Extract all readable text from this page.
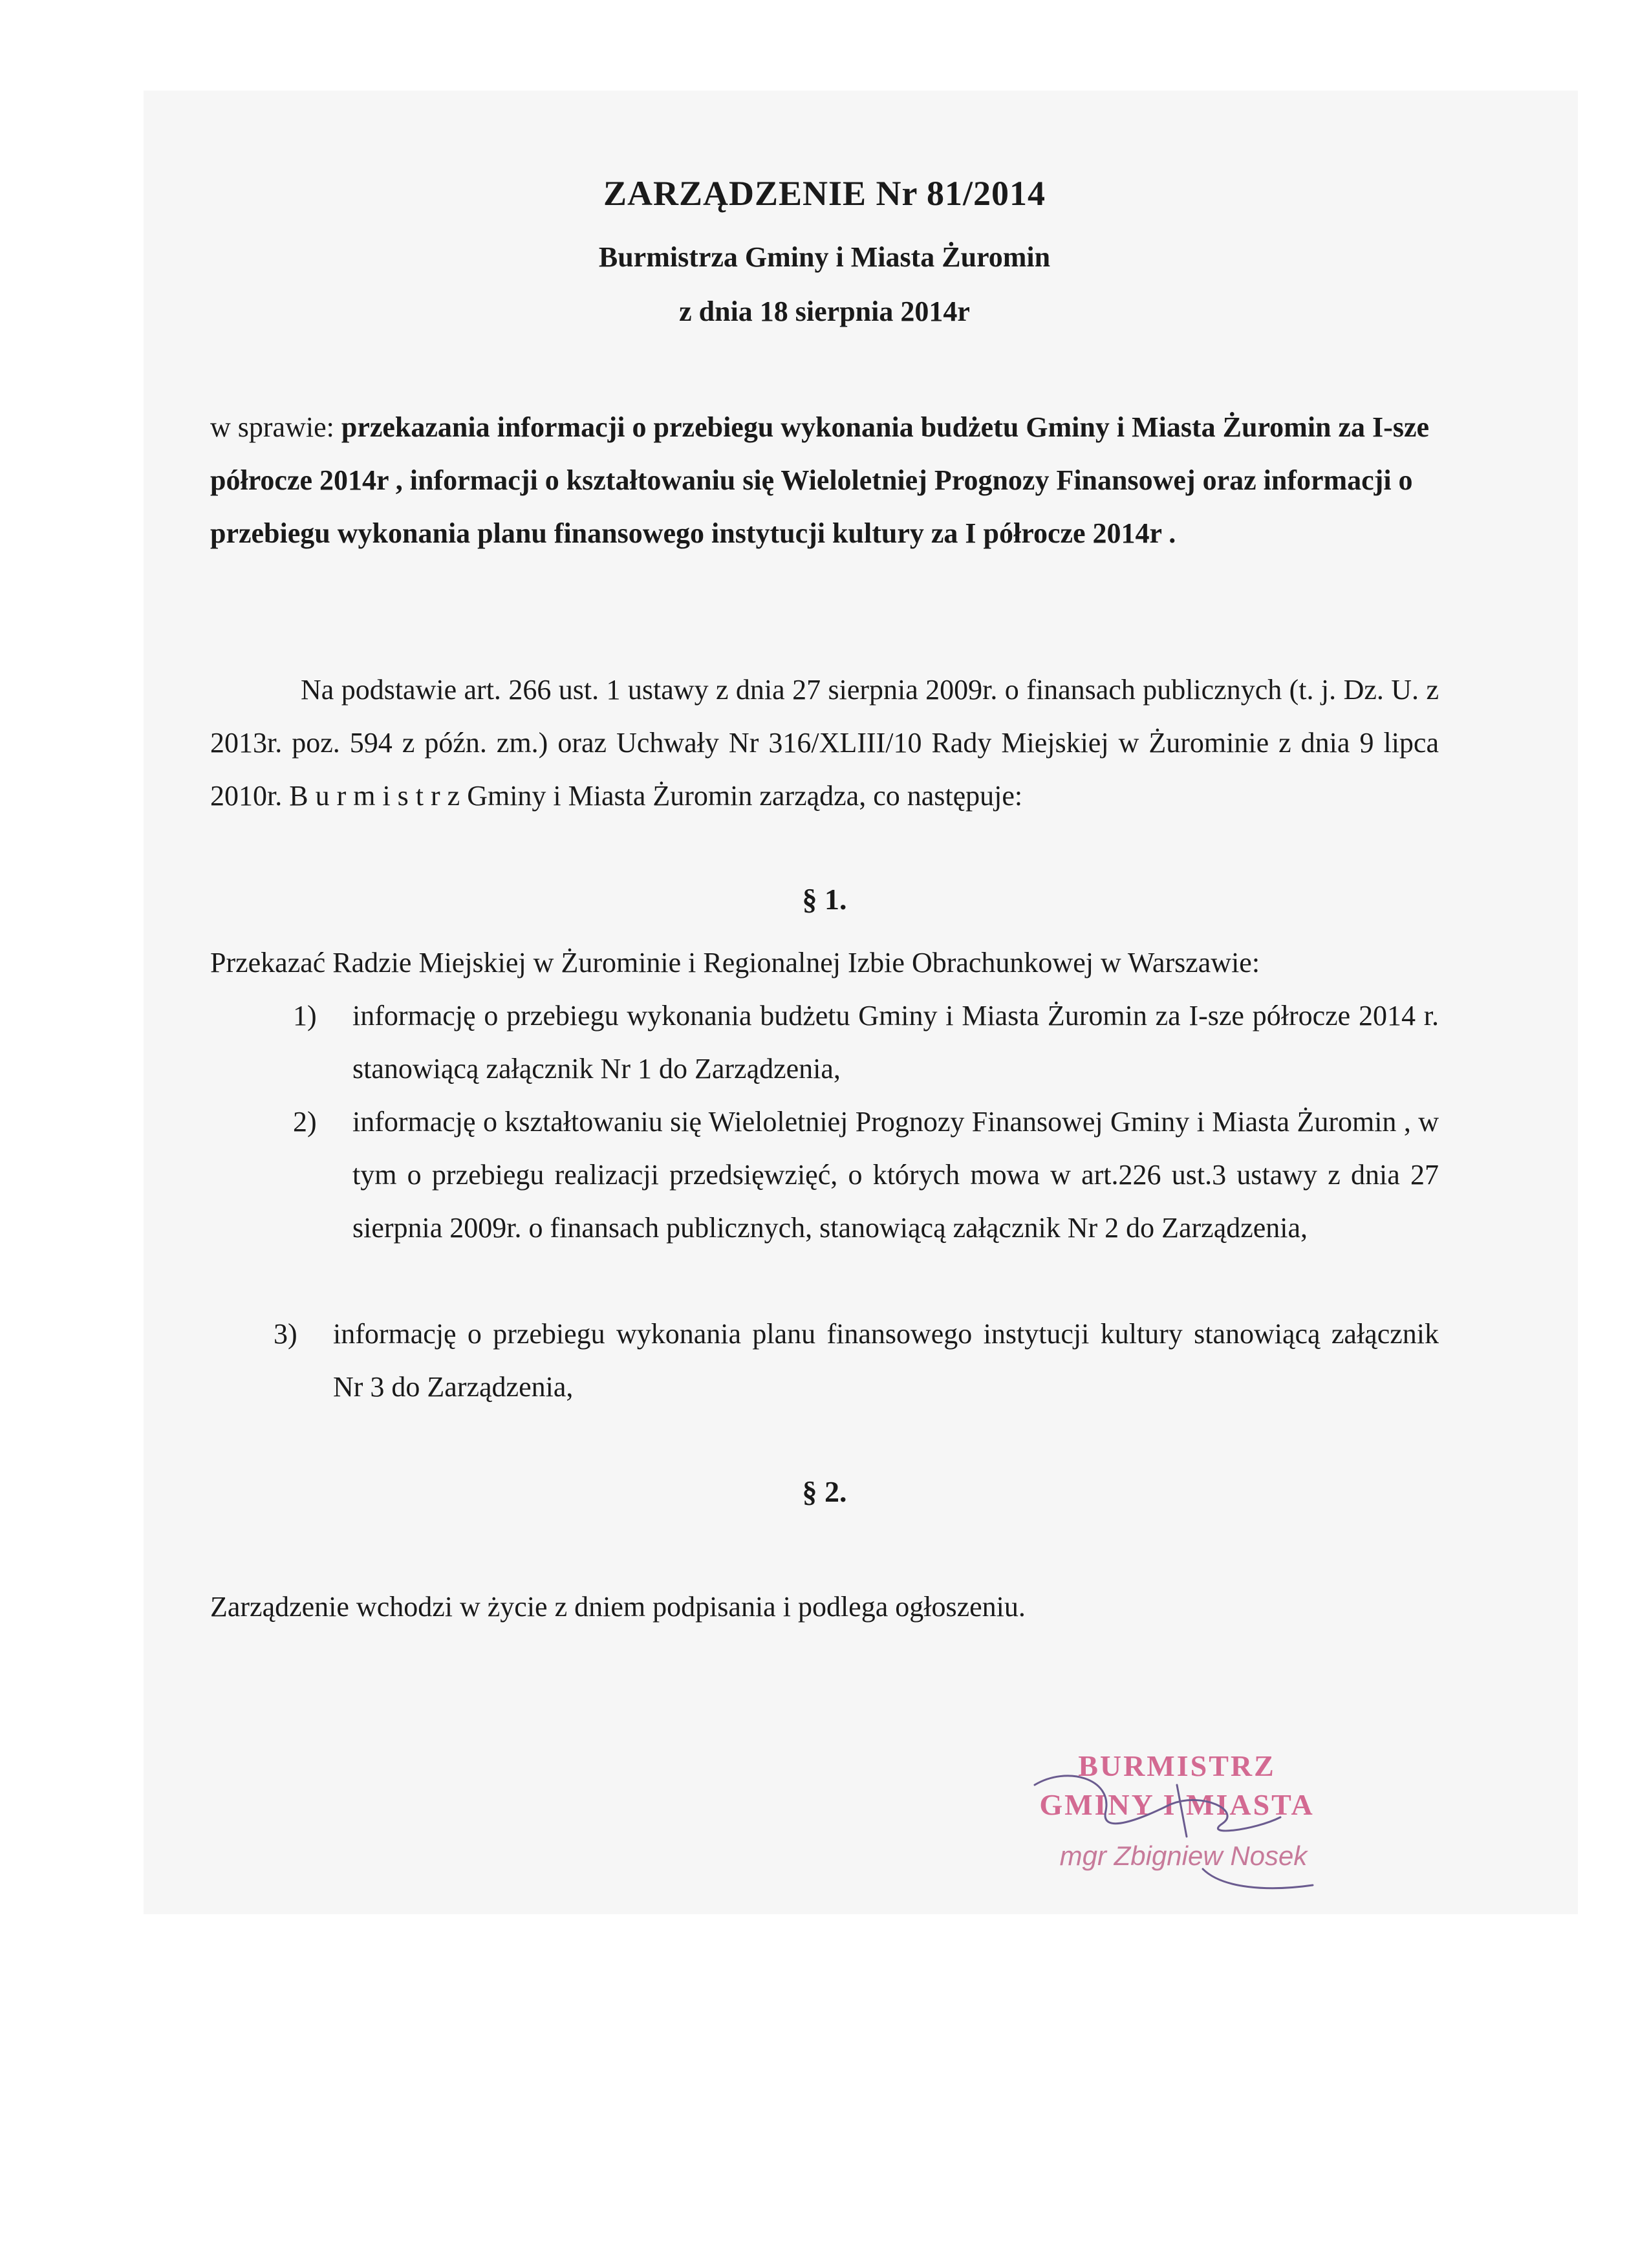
ZARZĄDZENIE Nr 81/2014
Burmistrza Gminy i Miasta Żuromin
z dnia 18 sierpnia 2014r
w sprawie: przekazania informacji o przebiegu wykonania budżetu Gminy i Miasta Żuromin za I-sze półrocze 2014r , informacji o kształtowaniu się Wieloletniej Prognozy Finansowej oraz informacji o przebiegu wykonania planu finansowego instytucji kultury za I półrocze 2014r .
Na podstawie art. 266 ust. 1 ustawy z dnia 27 sierpnia 2009r. o finansach publicznych (t. j. Dz. U. z 2013r. poz. 594 z późn. zm.) oraz Uchwały Nr 316/XLIII/10 Rady Miejskiej w Żurominie z dnia 9 lipca 2010r. B u r m i s t r z Gminy i Miasta Żuromin zarządza, co następuje:
§ 1.
Przekazać Radzie Miejskiej w Żurominie i Regionalnej Izbie Obrachunkowej w Warszawie:
1) informację o przebiegu wykonania budżetu Gminy i Miasta Żuromin za I-sze półrocze 2014 r. stanowiącą załącznik Nr 1 do Zarządzenia,
2) informację o kształtowaniu się Wieloletniej Prognozy Finansowej Gminy i Miasta Żuromin , w tym o przebiegu realizacji przedsięwzięć, o których mowa w art.226 ust.3 ustawy z dnia 27 sierpnia 2009r. o finansach publicznych, stanowiącą załącznik Nr 2 do Zarządzenia,
3) informację o przebiegu wykonania planu finansowego instytucji kultury stanowiącą załącznik Nr 3 do Zarządzenia,
§ 2.
Zarządzenie wchodzi w życie z dniem podpisania i podlega ogłoszeniu.
BURMISTRZ
GMINY I MIASTA
mgr Zbigniew Nosek
